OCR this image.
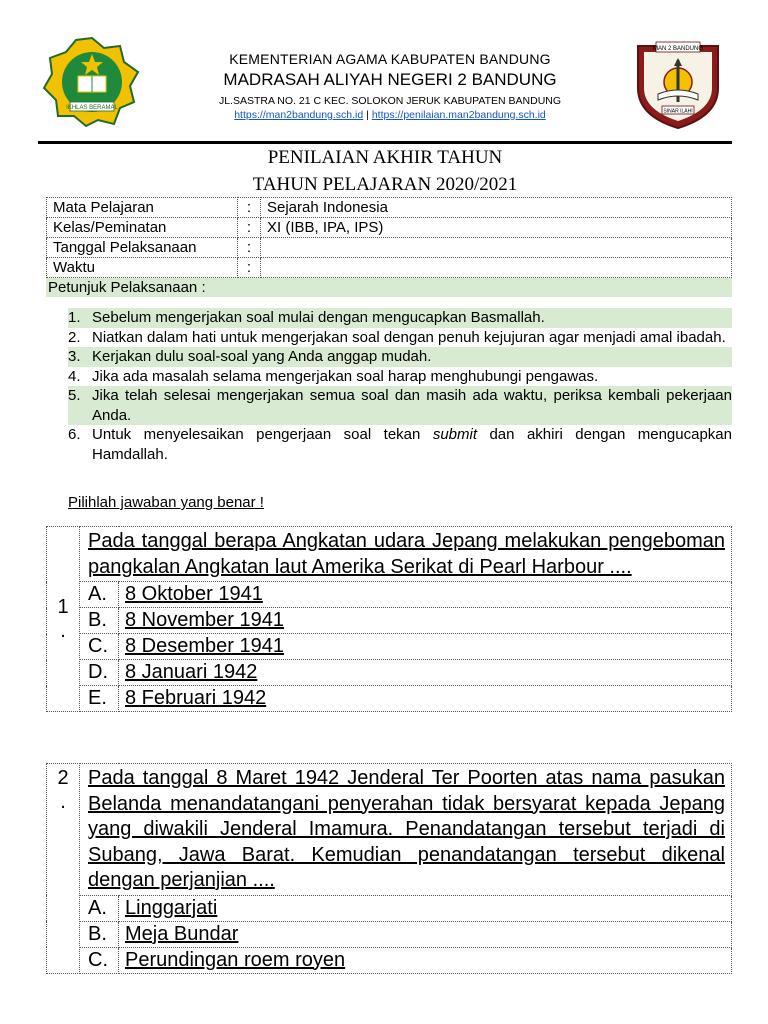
IKHLAS BERAMAL
KEMENTERIAN AGAMA KABUPATEN BANDUNG
MADRASAH ALIYAH NEGERI 2 BANDUNG
JL.SASTRA NO. 21 C KEC. SOLOKON JERUK KABUPATEN BANDUNG
https://man2bandung.sch.id | https://penilaian.man2bandung.sch.id
MAN 2 BANDUNG
SINAR ILAHI
PENILAIAN AKHIR TAHUN
TAHUN PELAJARAN 2020/2021
Mata Pelajaran	:	Sejarah Indonesia
Kelas/Peminatan	:	XI (IBB, IPA, IPS)
Tanggal Pelaksanaan	:	
Waktu	:	
Petunjuk Pelaksanaan :
1. Sebelum mengerjakan soal mulai dengan mengucapkan Basmallah.
2. Niatkan dalam hati untuk mengerjakan soal dengan penuh kejujuran agar menjadi amal ibadah.
3. Kerjakan dulu soal-soal yang Anda anggap mudah.
4. Jika ada masalah selama mengerjakan soal harap menghubungi pengawas.
5. Jika telah selesai mengerjakan semua soal dan masih ada waktu, periksa kembali pekerjaan Anda.
6. Untuk menyelesaikan pengerjaan soal tekan submit dan akhiri dengan mengucapkan Hamdallah.
Pilihlah jawaban yang benar !
1
.	Pada tanggal berapa Angkatan udara Jepang melakukan pengeboman pangkalan Angkatan laut Amerika Serikat di Pearl Harbour ....	
	A.	8 Oktober 1941
	B.	8 November 1941
	C.	8 Desember 1941
	D.	8 Januari 1942
	E.	8 Februari 1942
2
.	Pada tanggal 8 Maret 1942 Jenderal Ter Poorten atas nama pasukan Belanda menandatangani penyerahan tidak bersyarat kepada Jepang yang diwakili Jenderal Imamura. Penandatangan tersebut terjadi di Subang, Jawa Barat. Kemudian penandatangan tersebut dikenal dengan perjanjian ....	
	A.	Linggarjati
	B.	Meja Bundar
	C.	Perundingan roem royen
